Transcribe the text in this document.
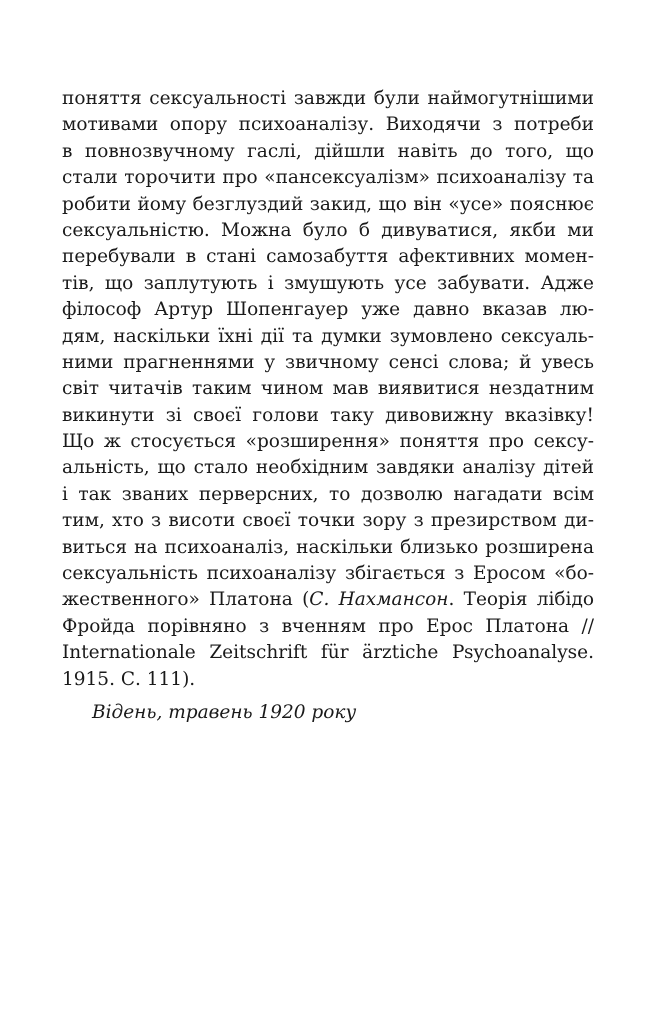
поняття сексуальності завжди були наймогутнішими
мотивами опору психоаналізу. Виходячи з потреби
в повнозвучному гаслі, дійшли навіть до того, що
стали торочити про «пансексуалізм» психоаналізу та
робити йому безглуздий закид, що він «усе» пояснює
сексуальністю. Можна було б дивуватися, якби ми
перебували в стані самозабуття афективних момен-
тів, що заплутують і змушують усе забувати. Адже
філософ Артур Шопенгауер уже давно вказав лю-
дям, наскільки їхні дії та думки зумовлено сексуаль-
ними прагненнями у звичному сенсі слова; й увесь
світ читачів таким чином мав виявитися нездатним
викинути зі своєї голови таку дивовижну вказівку!
Що ж стосується «розширення» поняття про сексу-
альність, що стало необхідним завдяки аналізу дітей
і так званих перверсних, то дозволю нагадати всім
тим, хто з висоти своєї точки зору з презирством ди-
виться на психоаналіз, наскільки близько розширена
сексуальність психоаналізу збігається з Еросом «бо-
жественного» Платона (С. Нахмансон. Теорія лібідо
Фройда порівняно з вченням про Ерос Платона //
Internationale Zeitschrift für ärztiche Psychoanalyse.
1915. С. 111).
Відень, травень 1920 року
